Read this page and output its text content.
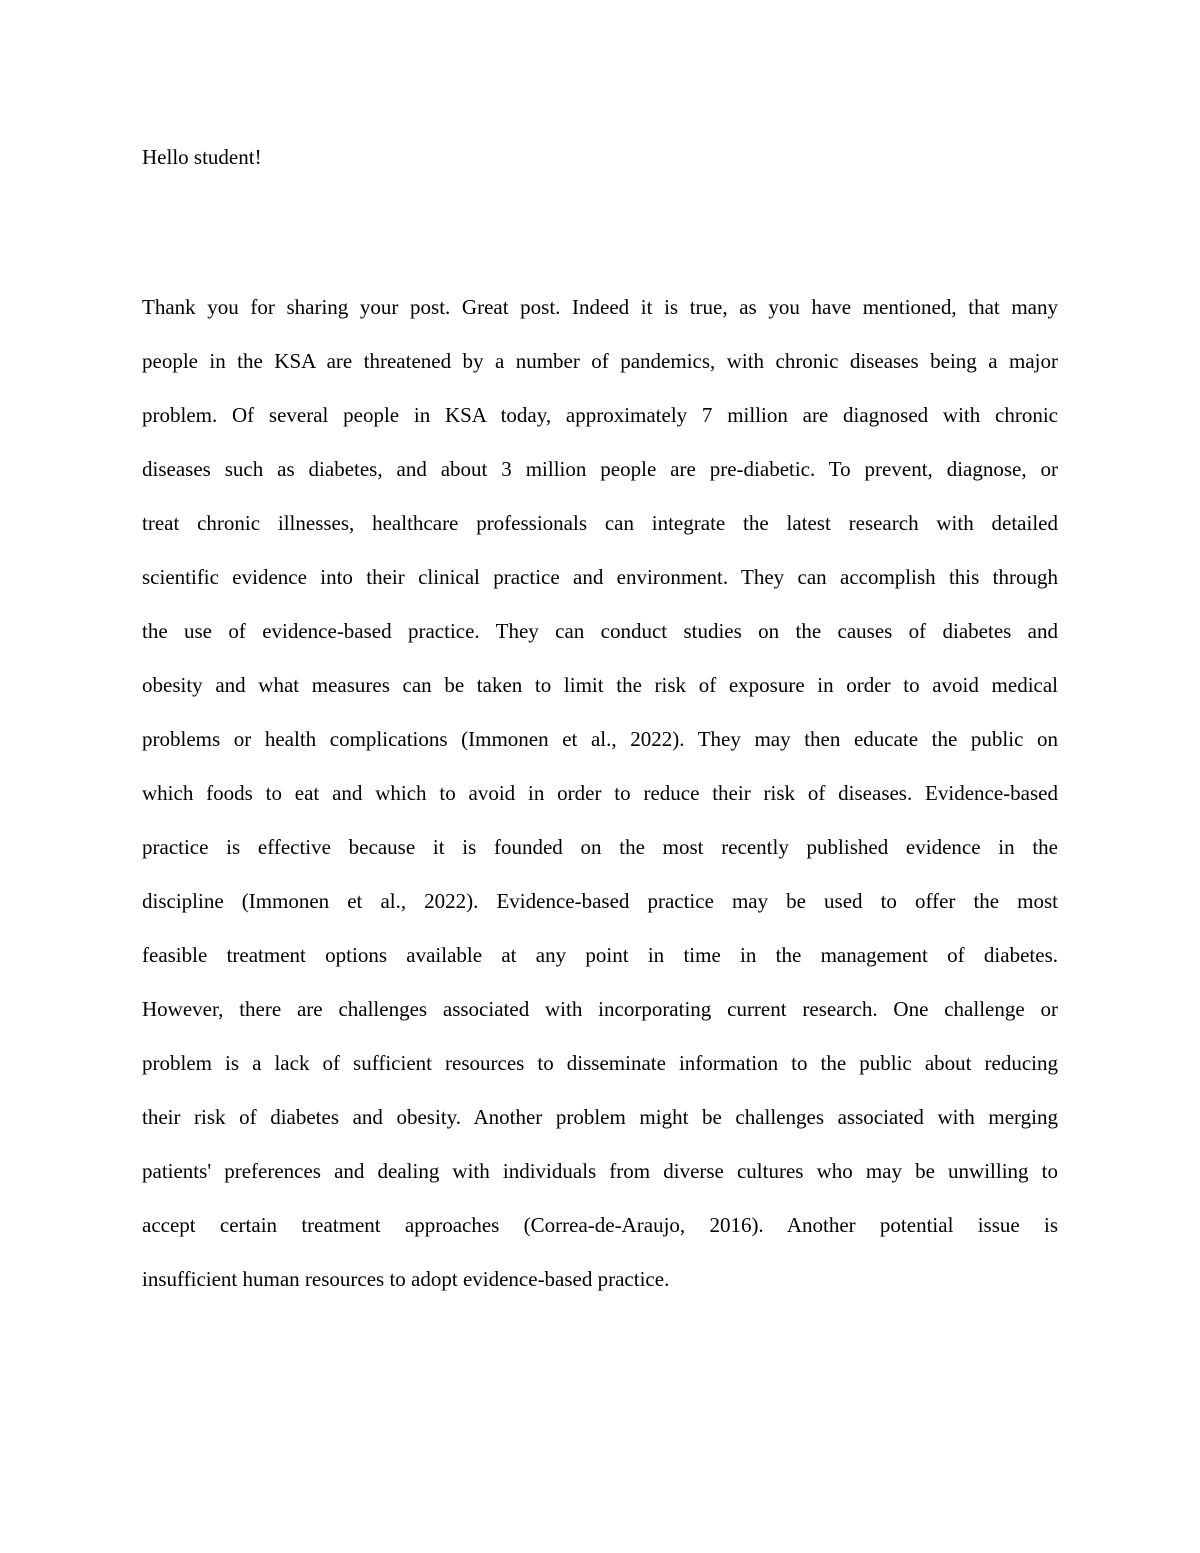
Hello student!

Thank you for sharing your post. Great post. Indeed it is true, as you have mentioned, that many
people in the KSA are threatened by a number of pandemics, with chronic diseases being a major
problem. Of several people in KSA today, approximately 7 million are diagnosed with chronic
diseases such as diabetes, and about 3 million people are pre-diabetic. To prevent, diagnose, or
treat chronic illnesses, healthcare professionals can integrate the latest research with detailed
scientific evidence into their clinical practice and environment. They can accomplish this through
the use of evidence-based practice. They can conduct studies on the causes of diabetes and
obesity and what measures can be taken to limit the risk of exposure in order to avoid medical
problems or health complications (Immonen et al., 2022). They may then educate the public on
which foods to eat and which to avoid in order to reduce their risk of diseases. Evidence-based
practice is effective because it is founded on the most recently published evidence in the
discipline (Immonen et al., 2022). Evidence-based practice may be used to offer the most
feasible treatment options available at any point in time in the management of diabetes.
However, there are challenges associated with incorporating current research. One challenge or
problem is a lack of sufficient resources to disseminate information to the public about reducing
their risk of diabetes and obesity. Another problem might be challenges associated with merging
patients' preferences and dealing with individuals from diverse cultures who may be unwilling to
accept certain treatment approaches (Correa-de-Araujo, 2016). Another potential issue is
insufficient human resources to adopt evidence-based practice.
